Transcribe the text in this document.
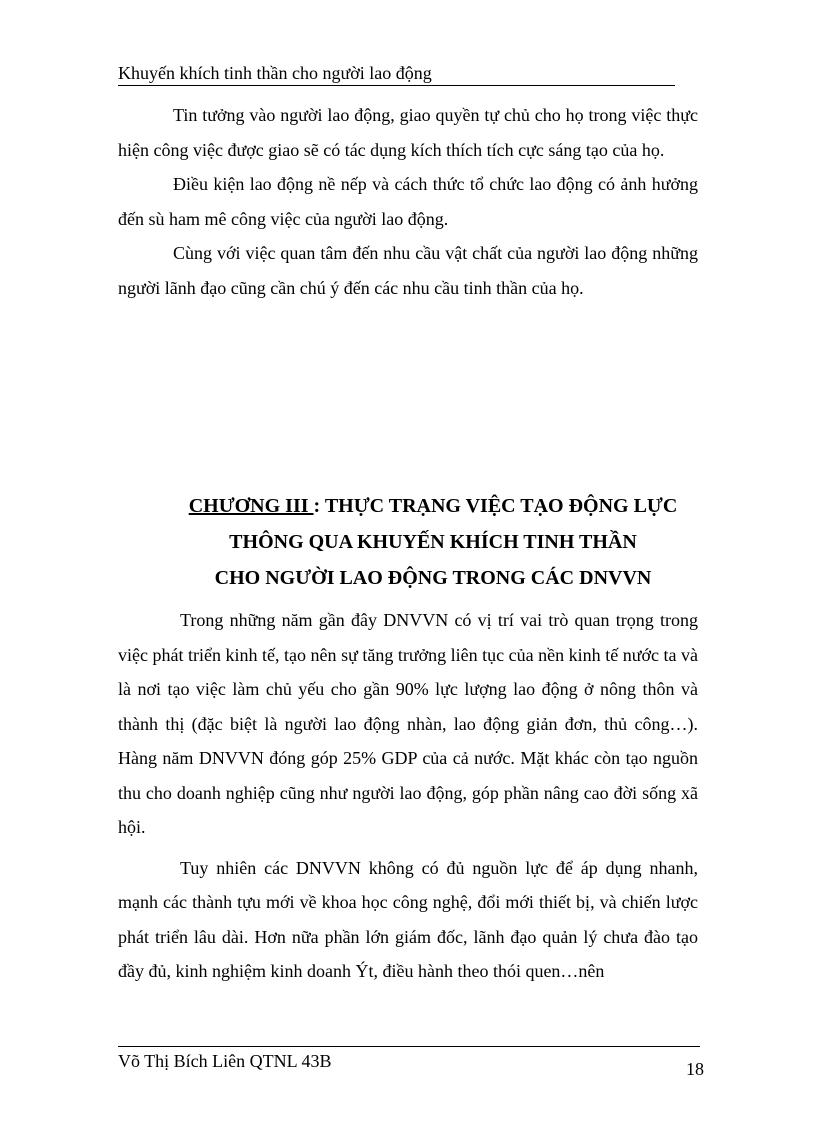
Khuyến khích tinh thần cho người lao động

Tin tưởng vào người lao động, giao quyền tự chủ cho họ trong việc thực hiện công việc được giao sẽ có tác dụng kích thích tích cực sáng tạo của họ.

Điều kiện lao động nề nếp và cách thức tổ chức lao động có ảnh hưởng đến sù ham mê công việc của người lao động.

Cùng với việc quan tâm đến nhu cầu vật chất của người lao động những người lãnh đạo cũng cần chú ý đến các nhu cầu tinh thần của họ.

CHƯƠNG III : THỰC TRẠNG VIỆC TẠO ĐỘNG LỰC
THÔNG QUA KHUYẾN KHÍCH TINH THẦN
CHO NGƯỜI LAO ĐỘNG TRONG CÁC DNVVN

Trong những năm gần đây DNVVN có vị trí vai trò quan trọng trong việc phát triển kinh tế, tạo nên sự tăng trưởng liên tục của nền kinh tế nước ta và là nơi tạo việc làm chủ yếu cho gần 90% lực lượng lao động ở nông thôn và thành thị (đặc biệt là người lao động nhàn, lao động giản đơn, thủ công…). Hàng năm DNVVN đóng góp 25% GDP của cả nước. Mặt khác còn tạo nguồn thu cho doanh nghiệp cũng như người lao động, góp phần nâng cao đời sống xã hội.

Tuy nhiên các DNVVN không có đủ nguồn lực để áp dụng nhanh, mạnh các thành tựu mới về khoa học công nghệ, đổi mới thiết bị, và chiến lược phát triển lâu dài. Hơn nữa phần lớn giám đốc, lãnh đạo quản lý chưa đào tạo đầy đủ, kinh nghiệm kinh doanh Ýt, điều hành theo thói quen…nên

Võ Thị Bích Liên QTNL 43B	18
